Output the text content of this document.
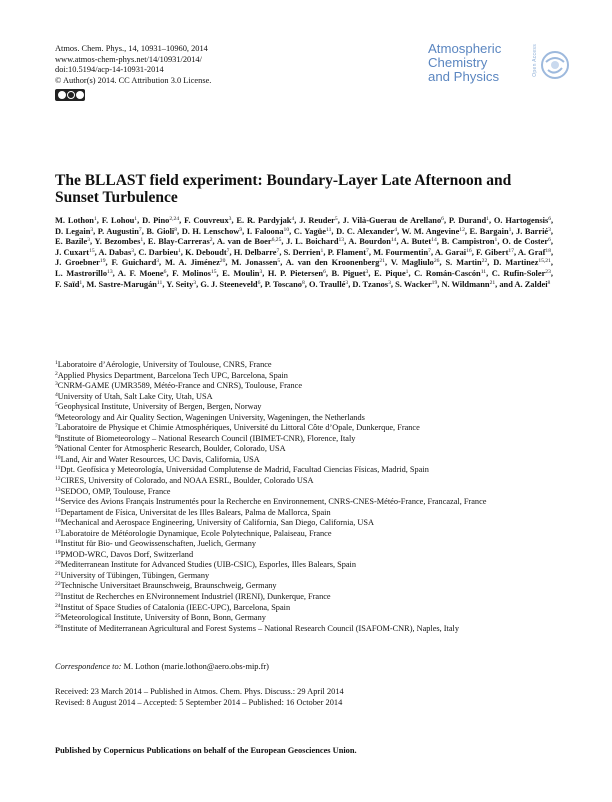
Atmos. Chem. Phys., 14, 10931–10960, 2014
www.atmos-chem-phys.net/14/10931/2014/
doi:10.5194/acp-14-10931-2014
© Author(s) 2014. CC Attribution 3.0 License.
Atmospheric
Chemistry
and Physics
Open Access
The BLLAST field experiment: Boundary-Layer Late Afternoon and Sunset Turbulence
M. Lothon$^1$, F. Lohou$^1$, D. Pino$^{2,24}$, F. Couvreux$^3$, E. R. Pardyjak$^4$, J. Reuder$^5$, J. Vilà-Guerau de Arellano$^6$, P. Durand$^1$, O. Hartogensis$^6$, D. Legain$^3$, P. Augustin$^7$, B. Gioli$^8$, D. H. Lenschow$^9$, I. Faloona$^{10}$, C. Yagüe$^{11}$, D. C. Alexander$^4$, W. M. Angevine$^{12}$, E. Bargain$^1$, J. Barrié$^3$, E. Bazile$^3$, Y. Bezombes$^1$, E. Blay-Carreras$^2$, A. van de Boer$^{6,25}$, J. L. Boichard$^{13}$, A. Bourdon$^{14}$, A. Butet$^{14}$, B. Campistron$^1$, O. de Coster$^6$, J. Cuxart$^{15}$, A. Dabas$^3$, C. Darbieu$^1$, K. Deboudt$^7$, H. Delbarre$^7$, S. Derrien$^1$, P. Flament$^7$, M. Fourmentin$^7$, A. Garai$^{16}$, F. Gibert$^{17}$, A. Graf$^{18}$, J. Groebner$^{19}$, F. Guichard$^3$, M. A. Jiménez$^{20}$, M. Jonassen$^5$, A. van den Kroonenberg$^{21}$, V. Magliulo$^{26}$, S. Martin$^{22}$, D. Martinez$^{15,21}$, L. Mastrorillo$^{13}$, A. F. Moene$^6$, F. Molinos$^{15}$, E. Moulin$^3$, H. P. Pietersen$^6$, B. Piguet$^3$, E. Pique$^1$, C. Román-Cascón$^{11}$, C. Rufin-Soler$^{23}$, F. Saïd$^1$, M. Sastre-Marugán$^{11}$, Y. Seity$^3$, G. J. Steeneveld$^6$, P. Toscano$^8$, O. Traullé$^3$, D. Tzanos$^3$, S. Wacker$^{19}$, N. Wildmann$^{21}$, and A. Zaldei$^8$
$^1$Laboratoire d’Aérologie, University of Toulouse, CNRS, France
$^2$Applied Physics Department, Barcelona Tech UPC, Barcelona, Spain
$^3$CNRM-GAME (UMR3589, Météo-France and CNRS), Toulouse, France
$^4$University of Utah, Salt Lake City, Utah, USA
$^5$Geophysical Institute, University of Bergen, Bergen, Norway
$^6$Meteorology and Air Quality Section, Wageningen University, Wageningen, the Netherlands
$^7$Laboratoire de Physique et Chimie Atmosphériques, Université du Littoral Côte d’Opale, Dunkerque, France
$^8$Institute of Biometeorology – National Research Council (IBIMET-CNR), Florence, Italy
$^9$National Center for Atmospheric Research, Boulder, Colorado, USA
$^{10}$Land, Air and Water Resources, UC Davis, California, USA
$^{11}$Dpt. Geofísica y Meteorología, Universidad Complutense de Madrid, Facultad Ciencias Físicas, Madrid, Spain
$^{12}$CIRES, University of Colorado, and NOAA ESRL, Boulder, Colorado USA
$^{13}$SEDOO, OMP, Toulouse, France
$^{14}$Service des Avions Français Instrumentés pour la Recherche en Environnement, CNRS-CNES-Météo-France, Francazal, France
$^{15}$Departament de Física, Universitat de les Illes Balears, Palma de Mallorca, Spain
$^{16}$Mechanical and Aerospace Engineering, University of California, San Diego, California, USA
$^{17}$Laboratoire de Météorologie Dynamique, Ecole Polytechnique, Palaiseau, France
$^{18}$Institut für Bio- und Geowissenschaften, Juelich, Germany
$^{19}$PMOD-WRC, Davos Dorf, Switzerland
$^{20}$Mediterranean Institute for Advanced Studies (UIB-CSIC), Esporles, Illes Balears, Spain
$^{21}$University of Tübingen, Tübingen, Germany
$^{22}$Technische Universitaet Braunschweig, Braunschweig, Germany
$^{23}$Institut de Recherches en ENvironnement Industriel (IRENI), Dunkerque, France
$^{24}$Institut of Space Studies of Catalonia (IEEC-UPC), Barcelona, Spain
$^{25}$Meteorological Institute, University of Bonn, Bonn, Germany
$^{26}$Institute of Mediterranean Agricultural and Forest Systems – National Research Council (ISAFOM-CNR), Naples, Italy
Correspondence to: M. Lothon (marie.lothon@aero.obs-mip.fr)
Received: 23 March 2014 – Published in Atmos. Chem. Phys. Discuss.: 29 April 2014
Revised: 8 August 2014 – Accepted: 5 September 2014 – Published: 16 October 2014
Published by Copernicus Publications on behalf of the European Geosciences Union.
